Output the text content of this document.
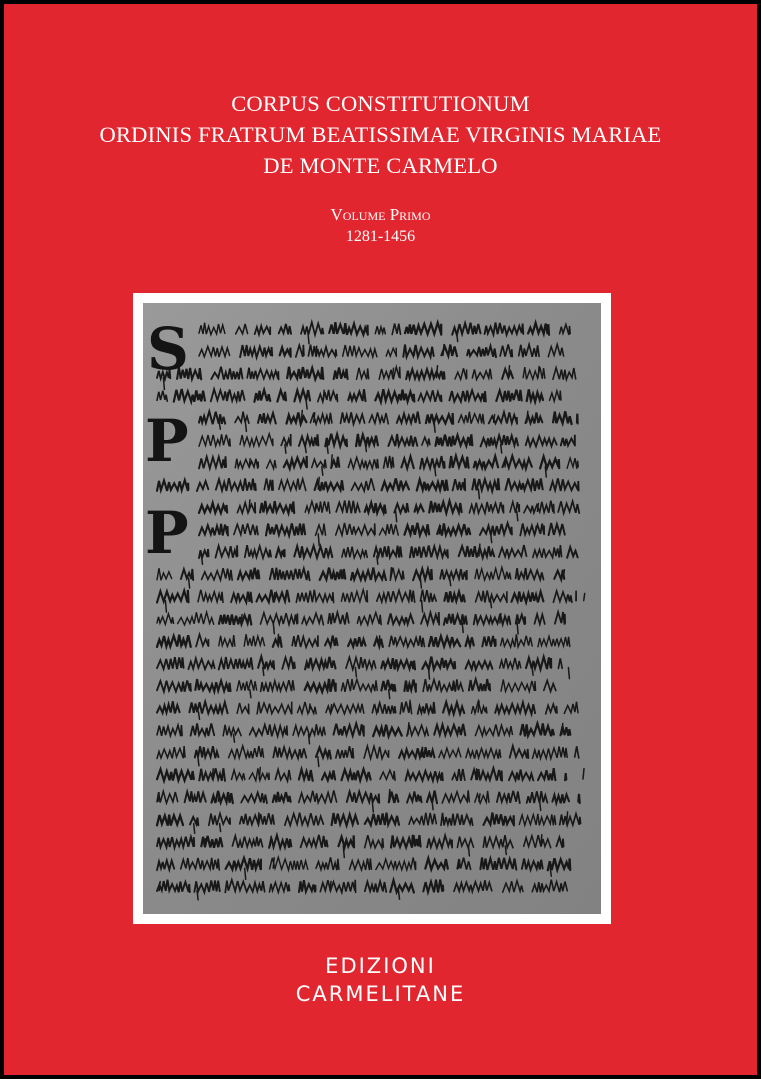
CORPUS CONSTITUTIONUM
ORDINIS FRATRUM BEATISSIMAE VIRGINIS MARIAE
DE MONTE CARMELO
Volume Primo
1281-1456
S
P
P
EDIZIONI
CARMELITANE
